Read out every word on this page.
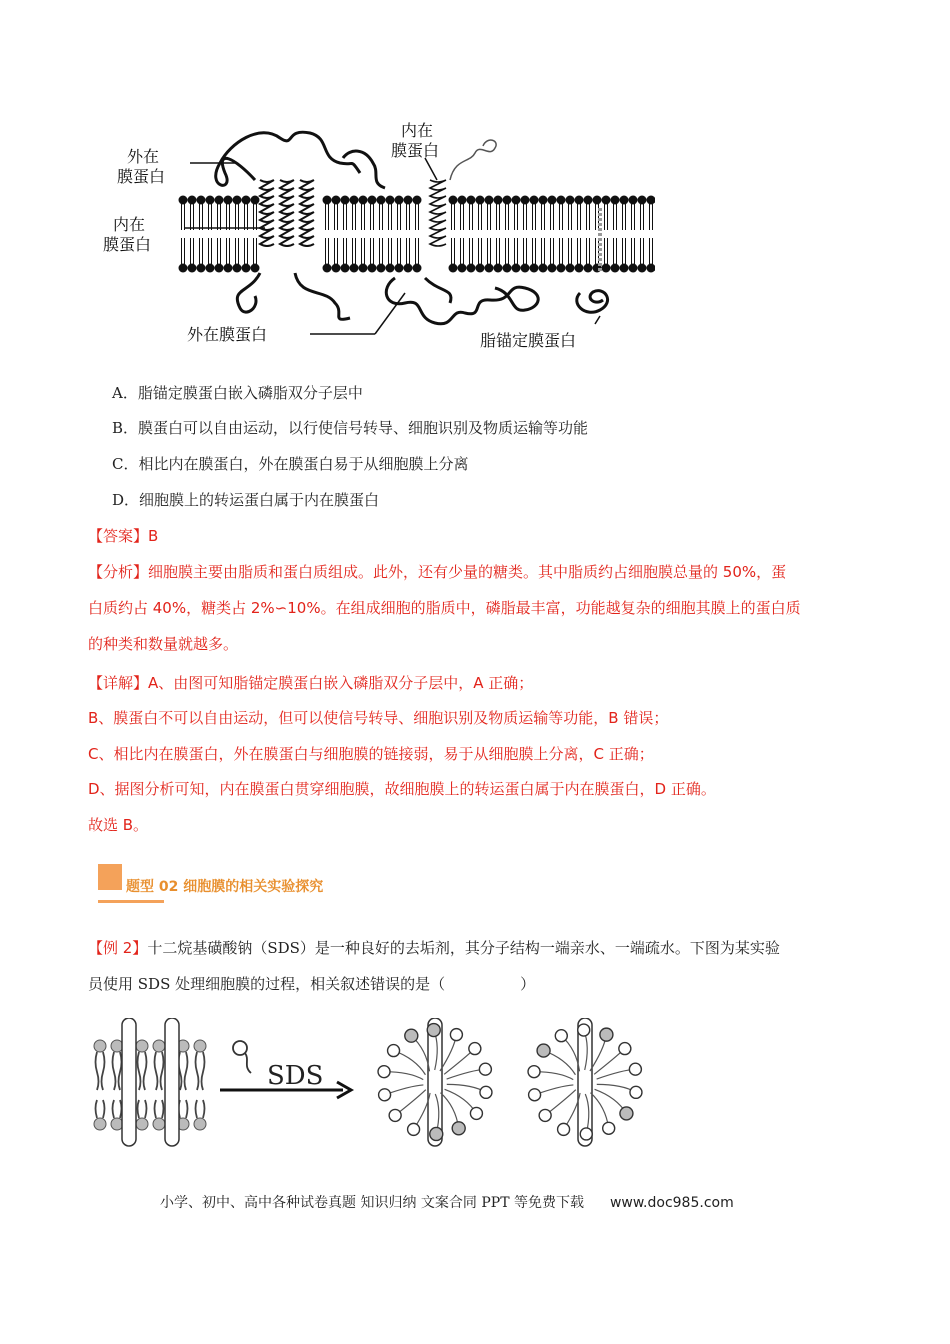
外在
膜蛋白
内在
膜蛋白
内在
膜蛋白
外在膜蛋白	脂锚定膜蛋白
A．脂锚定膜蛋白嵌入磷脂双分子层中
B．膜蛋白可以自由运动，以行使信号转导、细胞识别及物质运输等功能
C．相比内在膜蛋白，外在膜蛋白易于从细胞膜上分离
D．细胞膜上的转运蛋白属于内在膜蛋白
【答案】B
【分析】细胞膜主要由脂质和蛋白质组成。此外，还有少量的糖类。其中脂质约占细胞膜总量的 50%，蛋
白质约占 40%，糖类占 2%∽10%。在组成细胞的脂质中，磷脂最丰富，功能越复杂的细胞其膜上的蛋白质
的种类和数量就越多。
【详解】A、由图可知脂锚定膜蛋白嵌入磷脂双分子层中，A 正确；
B、膜蛋白不可以自由运动，但可以使信号转导、细胞识别及物质运输等功能，B 错误；
C、相比内在膜蛋白，外在膜蛋白与细胞膜的链接弱，易于从细胞膜上分离，C 正确；
D、据图分析可知，内在膜蛋白贯穿细胞膜，故细胞膜上的转运蛋白属于内在膜蛋白，D 正确。
故选 B。
题型 02 细胞膜的相关实验探究
【例 2】十二烷基磺酸钠（SDS）是一种良好的去垢剂，其分子结构一端亲水、一端疏水。下图为某实验
员使用 SDS 处理细胞膜的过程，相关叙述错误的是（　　　　　）
SDS
小学、初中、高中各种试卷真题 知识归纳 文案合同 PPT 等免费下载 www.doc985.com
